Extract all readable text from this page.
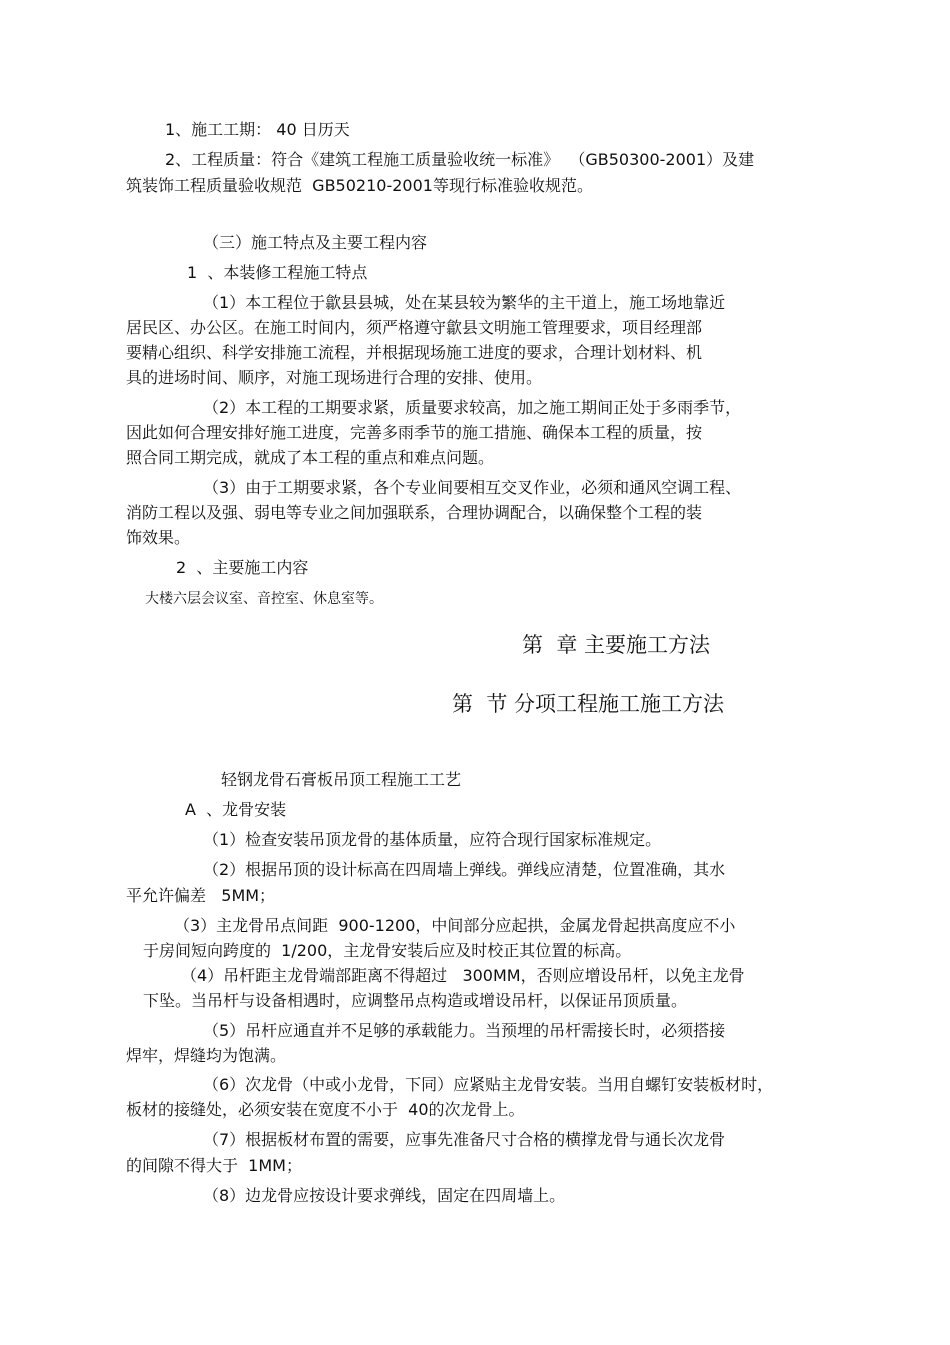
1、施工工期： 40 日历天
2、工程质量：符合《建筑工程施工质量验收统一标准》  （GB50300-2001）及建
筑装饰工程质量验收规范  GB50210-2001等现行标准验收规范。
（三）施工特点及主要工程内容
1  、本装修工程施工特点
（1）本工程位于歙县县城，处在某县较为繁华的主干道上，施工场地靠近
居民区、办公区。在施工时间内，须严格遵守歙县文明施工管理要求，项目经理部
要精心组织、科学安排施工流程，并根据现场施工进度的要求，合理计划材料、机
具的进场时间、顺序，对施工现场进行合理的安排、使用。
（2）本工程的工期要求紧，质量要求较高，加之施工期间正处于多雨季节，
因此如何合理安排好施工进度，完善多雨季节的施工措施、确保本工程的质量，按
照合同工期完成，就成了本工程的重点和难点问题。
（3）由于工期要求紧，各个专业间要相互交叉作业，必须和通风空调工程、
消防工程以及强、弱电等专业之间加强联系，合理协调配合，以确保整个工程的装
饰效果。
2  、主要施工内容
大楼六层会议室、音控室、休息室等。
第  章 主要施工方法
第  节 分项工程施工施工方法
轻钢龙骨石膏板吊顶工程施工工艺
A  、龙骨安装
（1）检查安装吊顶龙骨的基体质量，应符合现行国家标准规定。
（2）根据吊顶的设计标高在四周墙上弹线。弹线应清楚，位置准确，其水
平允许偏差   5MM；
（3）主龙骨吊点间距  900-1200，中间部分应起拱，金属龙骨起拱高度应不小
于房间短向跨度的  1/200，主龙骨安装后应及时校正其位置的标高。
（4）吊杆距主龙骨端部距离不得超过   300MM，否则应增设吊杆，以免主龙骨
下坠。当吊杆与设备相遇时，应调整吊点构造或增设吊杆，以保证吊顶质量。
（5）吊杆应通直并不足够的承载能力。当预埋的吊杆需接长时，必须搭接
焊牢，焊缝均为饱满。
（6）次龙骨（中或小龙骨，下同）应紧贴主龙骨安装。当用自螺钉安装板材时，
板材的接缝处，必须安装在宽度不小于  40的次龙骨上。
（7）根据板材布置的需要，应事先准备尺寸合格的横撑龙骨与通长次龙骨
的间隙不得大于  1MM；
（8）边龙骨应按设计要求弹线，固定在四周墙上。
